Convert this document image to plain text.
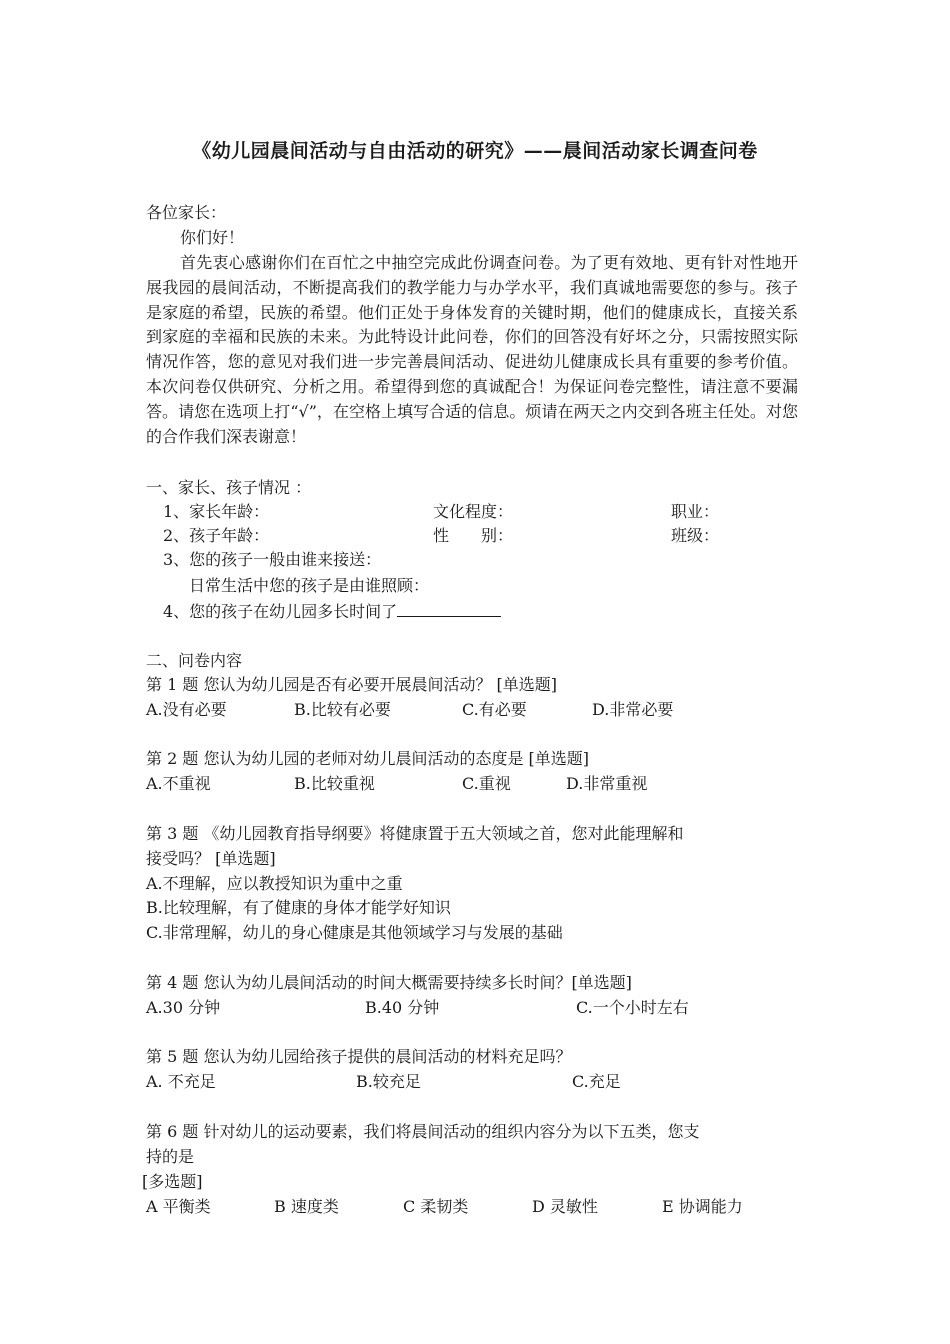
《幼儿园晨间活动与自由活动的研究》——晨间活动家长调查问卷
各位家长：
你们好！
首先衷心感谢你们在百忙之中抽空完成此份调查问卷。为了更有效地、更有针对性地开展我园的晨间活动，不断提高我们的教学能力与办学水平，我们真诚地需要您的参与。孩子是家庭的希望，民族的希望。他们正处于身体发育的关键时期，他们的健康成长，直接关系到家庭的幸福和民族的未来。为此特设计此问卷，你们的回答没有好坏之分，只需按照实际情况作答，您的意见对我们进一步完善晨间活动、促进幼儿健康成长具有重要的参考价值。本次问卷仅供研究、分析之用。希望得到您的真诚配合！为保证问卷完整性，请注意不要漏答。请您在选项上打“√”，在空格上填写合适的信息。烦请在两天之内交到各班主任处。对您的合作我们深表谢意！
一、家长、孩子情况 ：
1、家长年龄：	文化程度：	职业：
2、孩子年龄：	性　　别：	班级：
3、您的孩子一般由谁来接送：
日常生活中您的孩子是由谁照顾：
4、您的孩子在幼儿园多长时间了
二、问卷内容
第 1 题 您认为幼儿园是否有必要开展晨间活动？ [单选题]
A.没有必要	B.比较有必要	C.有必要	D.非常必要
第 2 题 您认为幼儿园的老师对幼儿晨间活动的态度是 [单选题]
A.不重视	B.比较重视	C.重视	D.非常重视
第 3 题 《幼儿园教育指导纲要》将健康置于五大领域之首，您对此能理解和
接受吗？ [单选题]
A.不理解，应以教授知识为重中之重
B.比较理解，有了健康的身体才能学好知识
C.非常理解，幼儿的身心健康是其他领域学习与发展的基础
第 4 题 您认为幼儿晨间活动的时间大概需要持续多长时间？[单选题]
A.30 分钟	B.40 分钟	C.一个小时左右
第 5 题 您认为幼儿园给孩子提供的晨间活动的材料充足吗？
A. 不充足	B.较充足	C.充足
第 6 题 针对幼儿的运动要素，我们将晨间活动的组织内容分为以下五类，您支
持的是
[多选题]
A 平衡类	B 速度类	C 柔韧类	D 灵敏性	E 协调能力
